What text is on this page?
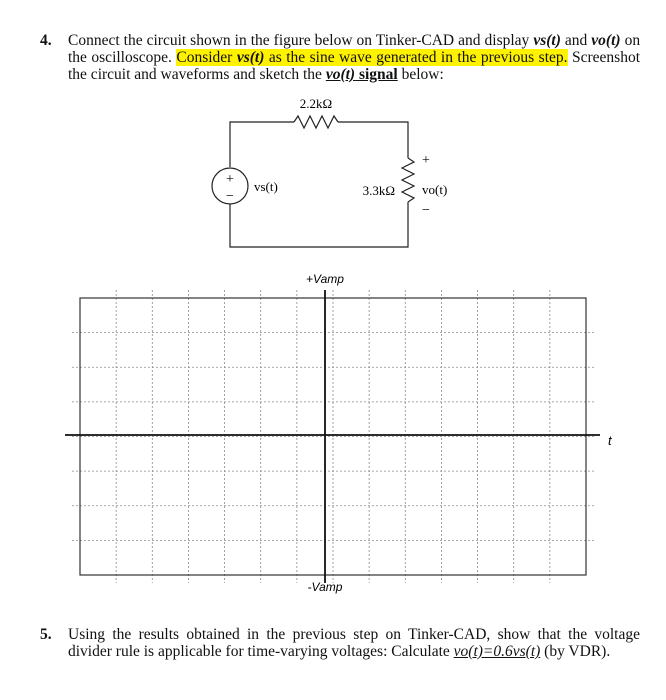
4. Connect the circuit shown in the figure below on Tinker-CAD and display vs(t) and vo(t) on the oscilloscope. Consider vs(t) as the sine wave generated in the previous step. Screenshot the circuit and waveforms and sketch the vo(t) signal below:
2.2kΩ
+
−
vs(t)	3.3kΩ
+
−
vo(t)
+Vamp
t
-Vamp
5. Using the results obtained in the previous step on Tinker-CAD, show that the voltage divider rule is applicable for time-varying voltages: Calculate vo(t)=0.6vs(t) (by VDR).
